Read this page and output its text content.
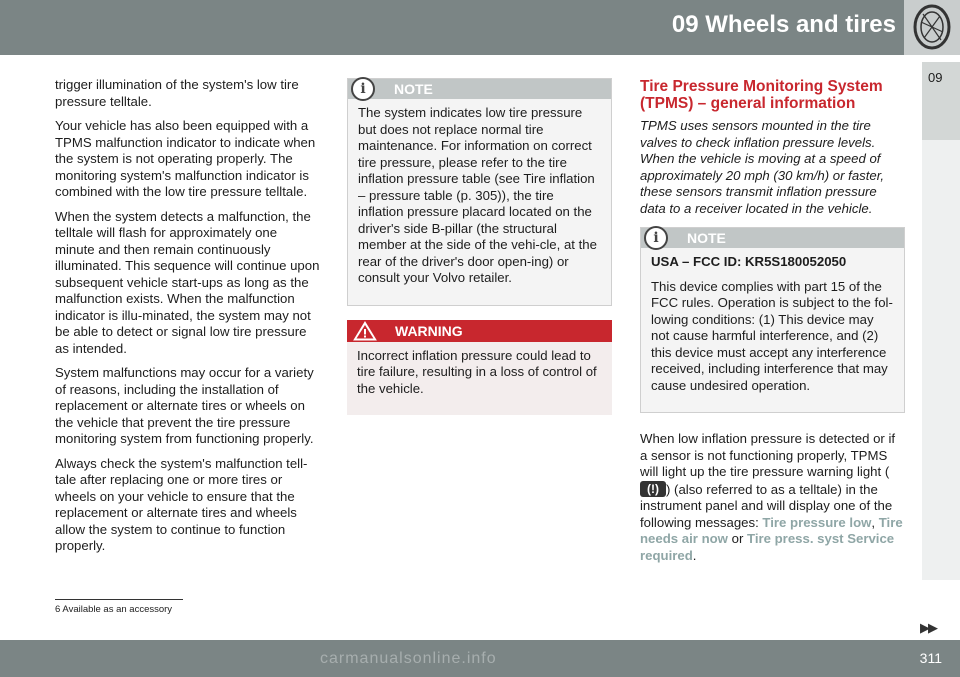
09 Wheels and tires
09

trigger illumination of the system's low tire pressure telltale.

Your vehicle has also been equipped with a TPMS malfunction indicator to indicate when the system is not operating properly. The monitoring system's malfunction indicator is combined with the low tire pressure telltale.

When the system detects a malfunction, the telltale will flash for approximately one minute and then remain continuously illuminated. This sequence will continue upon subsequent vehicle start-ups as long as the malfunction exists. When the malfunction indicator is illu-minated, the system may not be able to detect or signal low tire pressure as intended.

System malfunctions may occur for a variety of reasons, including the installation of replacement or alternate tires or wheels on the vehicle that prevent the tire pressure monitoring system from functioning properly.

Always check the system's malfunction tell-tale after replacing one or more tires or wheels on your vehicle to ensure that the replacement or alternate tires and wheels allow the system to continue to function properly.

i	NOTE

The system indicates low tire pressure but does not replace normal tire maintenance. For information on correct tire pressure, please refer to the tire inflation pressure table (see Tire inflation – pressure table (p. 305)), the tire inflation pressure placard located on the driver's side B-pillar (the structural member at the side of the vehi-cle, at the rear of the driver's door open-ing) or consult your Volvo retailer.

WARNING

Incorrect inflation pressure could lead to tire failure, resulting in a loss of control of the vehicle.

Tire Pressure Monitoring System (TPMS) – general information

TPMS uses sensors mounted in the tire valves to check inflation pressure levels. When the vehicle is moving at a speed of approximately 20 mph (30 km/h) or faster, these sensors transmit inflation pressure data to a receiver located in the vehicle.

i	NOTE

USA – FCC ID: KR5S180052050

This device complies with part 15 of the FCC rules. Operation is subject to the fol-lowing conditions: (1) This device may not cause harmful interference, and (2) this device must accept any interference received, including interference that may cause undesired operation.

When low inflation pressure is detected or if a sensor is not functioning properly, TPMS will light up the tire pressure warning light (
(!) ) (also referred to as a telltale) in the instrument panel and will display one of the following messages: Tire pressure low, Tire needs air now or Tire press. syst Service required.

6 Available as an accessory
▶▶
311
carmanualsonline.info
